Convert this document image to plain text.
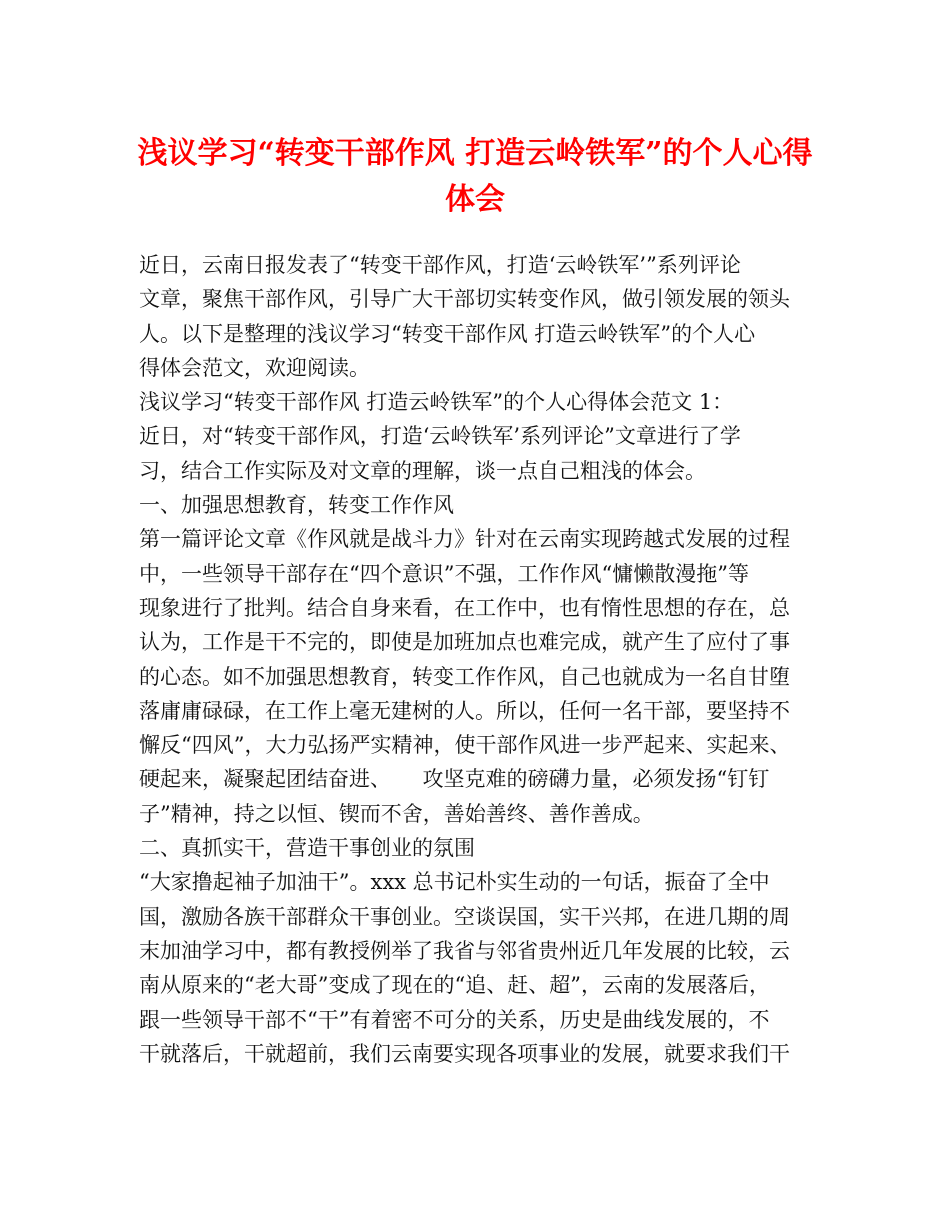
浅议学习“转变干部作风 打造云岭铁军”的个人心得
体会
近日，云南日报发表了“转变干部作风，打造‘云岭铁军’”系列评论
文章，聚焦干部作风，引导广大干部切实转变作风，做引领发展的领头
人。以下是整理的浅议学习“转变干部作风 打造云岭铁军”的个人心
得体会范文，欢迎阅读。
浅议学习“转变干部作风 打造云岭铁军”的个人心得体会范文 1：
近日，对“转变干部作风，打造‘云岭铁军’系列评论”文章进行了学
习，结合工作实际及对文章的理解，谈一点自己粗浅的体会。
一、加强思想教育，转变工作作风
第一篇评论文章《作风就是战斗力》针对在云南实现跨越式发展的过程
中，一些领导干部存在“四个意识”不强，工作作风“慵懒散漫拖”等
现象进行了批判。结合自身来看，在工作中，也有惰性思想的存在，总
认为，工作是干不完的，即使是加班加点也难完成，就产生了应付了事
的心态。如不加强思想教育，转变工作作风，自己也就成为一名自甘堕
落庸庸碌碌，在工作上毫无建树的人。所以，任何一名干部，要坚持不
懈反“四风”，大力弘扬严实精神，使干部作风进一步严起来、实起来、
硬起来，凝聚起团结奋进、　　攻坚克难的磅礴力量，必须发扬“钉钉
子”精神，持之以恒、锲而不舍，善始善终、善作善成。
二、真抓实干，营造干事创业的氛围
“大家撸起袖子加油干”。xxx 总书记朴实生动的一句话，振奋了全中
国，激励各族干部群众干事创业。空谈误国，实干兴邦，在进几期的周
末加油学习中，都有教授例举了我省与邻省贵州近几年发展的比较，云
南从原来的“老大哥”变成了现在的“追、赶、超”，云南的发展落后，
跟一些领导干部不“干”有着密不可分的关系，历史是曲线发展的，不
干就落后，干就超前，我们云南要实现各项事业的发展，就要求我们干
